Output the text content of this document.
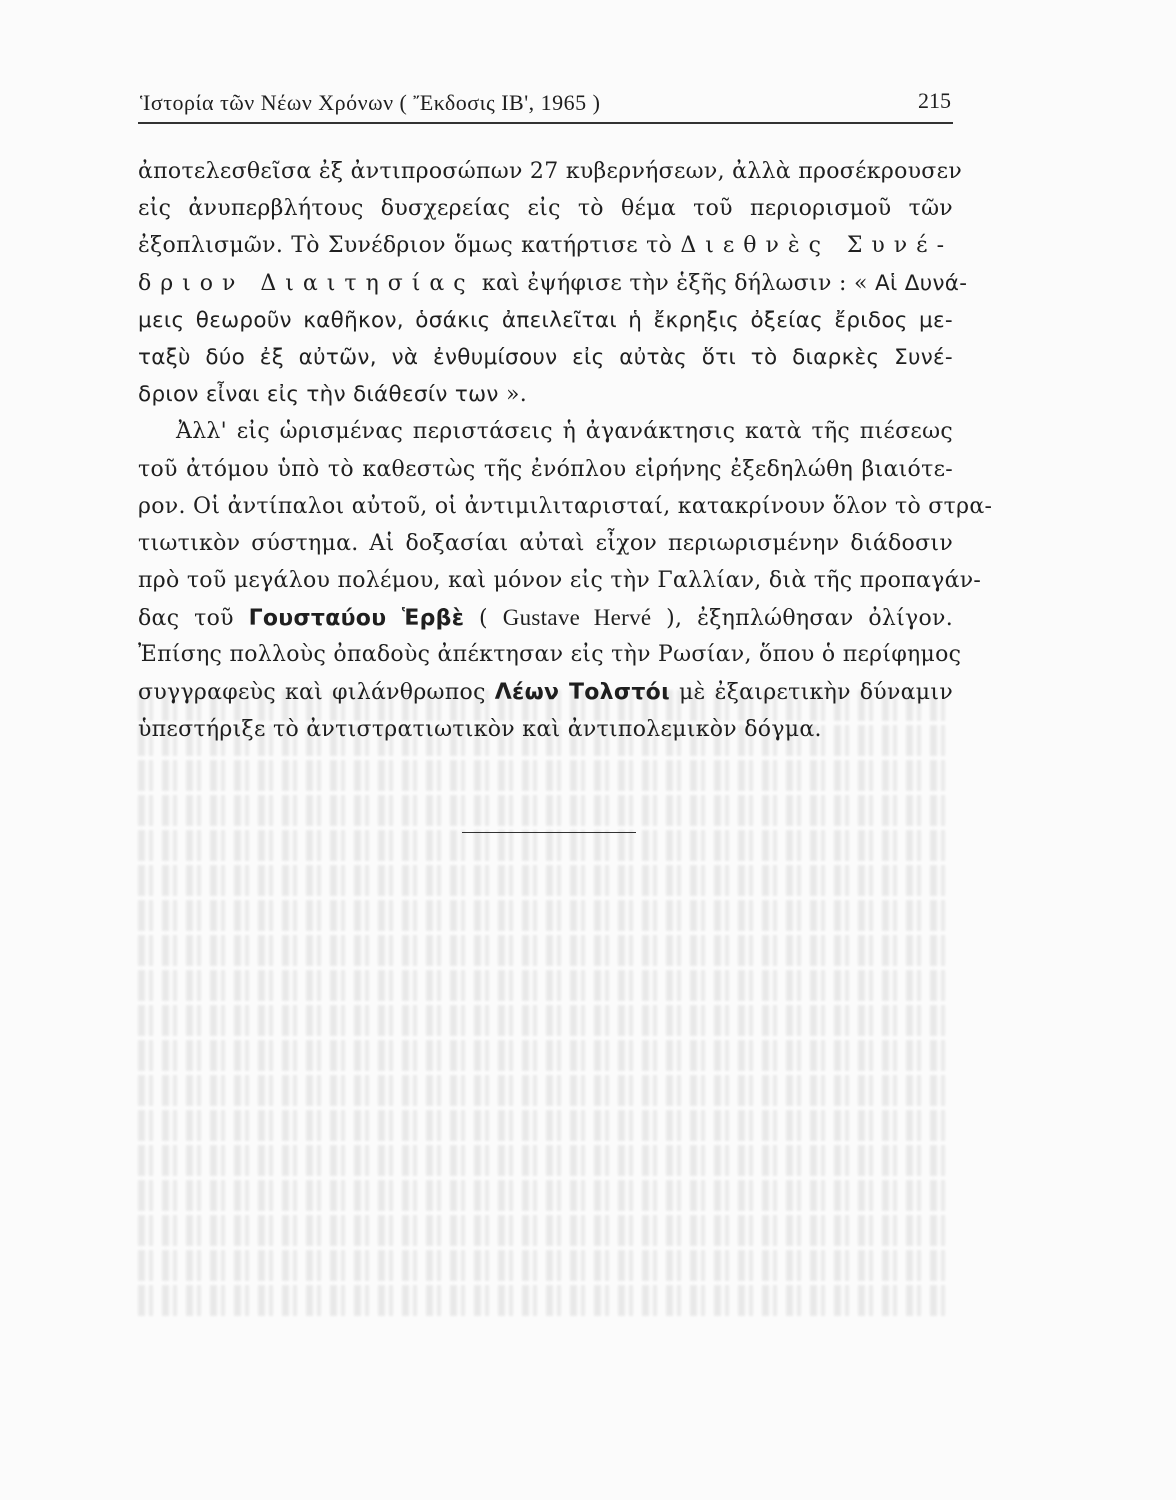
Ἱστορία τῶν Νέων Χρόνων ( Ἔκδοσις ΙΒ', 1965 )	215
ἀποτελεσθεῖσα ἐξ ἀντιπροσώπων 27 κυβερνήσεων, ἀλλὰ προσέκρουσεν
εἰς ἀνυπερβλήτους δυσχερείας εἰς τὸ θέμα τοῦ περιορισμοῦ τῶν
ἐξοπλισμῶν. Τὸ Συνέδριον ὅμως κατήρτισε τὸ Διεθνὲς Συνέ-
δριον Διαιτησίας καὶ ἐψήφισε τὴν ἑξῆς δήλωσιν : « Αἱ Δυνά-
μεις θεωροῦν καθῆκον, ὁσάκις ἀπειλεῖται ἡ ἔκρηξις ὀξείας ἔριδος με-
ταξὺ δύο ἐξ αὐτῶν, νὰ ἐνθυμίσουν εἰς αὐτὰς ὅτι τὸ διαρκὲς Συνέ-
δριον εἶναι εἰς τὴν διάθεσίν των ».
Ἀλλ' εἰς ὡρισμένας περιστάσεις ἡ ἀγανάκτησις κατὰ τῆς πιέσεως
τοῦ ἀτόμου ὑπὸ τὸ καθεστὼς τῆς ἐνόπλου εἰρήνης ἐξεδηλώθη βιαιότε-
ρον. Οἱ ἀντίπαλοι αὐτοῦ, οἱ ἀντιμιλιταρισταί, κατακρίνουν ὅλον τὸ στρα-
τιωτικὸν σύστημα. Αἱ δοξασίαι αὐταὶ εἶχον περιωρισμένην διάδοσιν
πρὸ τοῦ μεγάλου πολέμου, καὶ μόνον εἰς τὴν Γαλλίαν, διὰ τῆς προπαγάν-
δας τοῦ Γουσταύου Ἑρβὲ ( Gustave Hervé ), ἐξηπλώθησαν ὀλίγον.
Ἐπίσης πολλοὺς ὀπαδοὺς ἀπέκτησαν εἰς τὴν Ρωσίαν, ὅπου ὁ περίφημος
συγγραφεὺς καὶ φιλάνθρωπος Λέων Τολστόι μὲ ἐξαιρετικὴν δύναμιν
ὑπεστήριξε τὸ ἀντιστρατιωτικὸν καὶ ἀντιπολεμικὸν δόγμα.
